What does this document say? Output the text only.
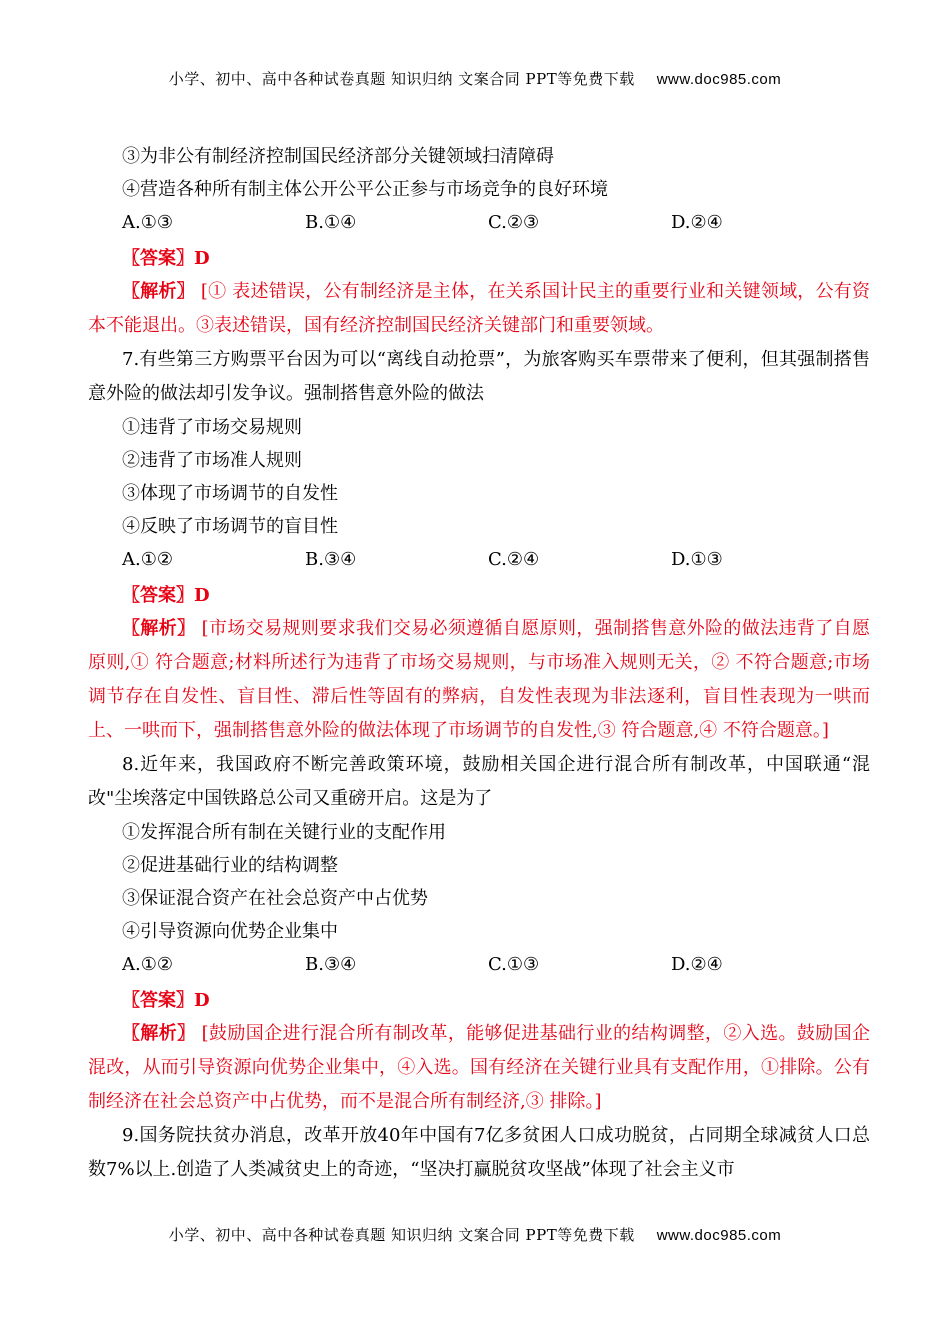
小学、初中、高中各种试卷真题 知识归纳 文案合同 PPT等免费下载 www.doc985.com
③为非公有制经济控制国民经济部分关键领域扫清障碍
④营造各种所有制主体公开公平公正参与市场竞争的良好环境
A.①③	B.①④	C.②③	D.②④
〖答案〗D
〖解析〗 [① 表述错误，公有制经济是主体，在关系国计民主的重要行业和关键领域，公有资本不能退出。③表述错误，国有经济控制国民经济关键部门和重要领域。
7.有些第三方购票平台因为可以“离线自动抢票”，为旅客购买车票带来了便利，但其强制搭售意外险的做法却引发争议。强制搭售意外险的做法
①违背了市场交易规则
②违背了市场准人规则
③体现了市场调节的自发性
④反映了市场调节的盲目性
A.①②	B.③④	C.②④	D.①③
〖答案〗D
〖解析〗 [市场交易规则要求我们交易必须遵循自愿原则，强制搭售意外险的做法违背了自愿原则,① 符合题意;材料所述行为违背了市场交易规则，与市场准入规则无关，② 不符合题意;市场调节存在自发性、盲目性、滞后性等固有的弊病，自发性表现为非法逐利，盲目性表现为一哄而上、一哄而下，强制搭售意外险的做法体现了市场调节的自发性,③ 符合题意,④ 不符合题意。]
8.近年来，我国政府不断完善政策环境，鼓励相关国企进行混合所有制改革，中国联通“混改"尘埃落定中国铁路总公司又重磅开启。这是为了
①发挥混合所有制在关键行业的支配作用
②促进基础行业的结构调整
③保证混合资产在社会总资产中占优势
④引导资源向优势企业集中
A.①②	B.③④	C.①③	D.②④
〖答案〗D
〖解析〗 [鼓励国企进行混合所有制改革，能够促进基础行业的结构调整，②入选。鼓励国企混改，从而引导资源向优势企业集中，④入选。国有经济在关键行业具有支配作用，①排除。公有制经济在社会总资产中占优势，而不是混合所有制经济,③ 排除。]
9.国务院扶贫办消息，改革开放40年中国有7亿多贫困人口成功脱贫，占同期全球减贫人口总数7%以上.创造了人类减贫史上的奇迹，“坚决打赢脱贫攻坚战”体现了社会主义市
小学、初中、高中各种试卷真题 知识归纳 文案合同 PPT等免费下载 www.doc985.com
